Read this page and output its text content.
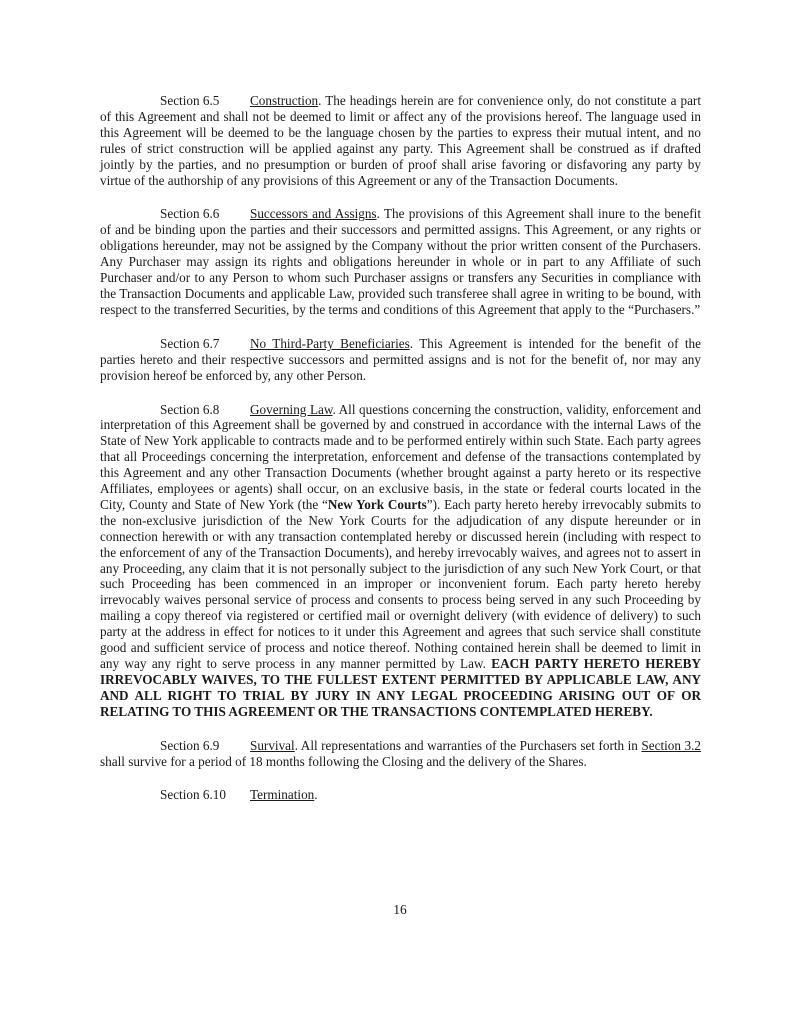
Section 6.5 Construction. The headings herein are for convenience only, do not constitute a part of this Agreement and shall not be deemed to limit or affect any of the provisions hereof. The language used in this Agreement will be deemed to be the language chosen by the parties to express their mutual intent, and no rules of strict construction will be applied against any party. This Agreement shall be construed as if drafted jointly by the parties, and no presumption or burden of proof shall arise favoring or disfavoring any party by virtue of the authorship of any provisions of this Agreement or any of the Transaction Documents.

Section 6.6 Successors and Assigns. The provisions of this Agreement shall inure to the benefit of and be binding upon the parties and their successors and permitted assigns. This Agreement, or any rights or obligations hereunder, may not be assigned by the Company without the prior written consent of the Purchasers. Any Purchaser may assign its rights and obligations hereunder in whole or in part to any Affiliate of such Purchaser and/or to any Person to whom such Purchaser assigns or transfers any Securities in compliance with the Transaction Documents and applicable Law, provided such transferee shall agree in writing to be bound, with respect to the transferred Securities, by the terms and conditions of this Agreement that apply to the “Purchasers.”

Section 6.7 No Third-Party Beneficiaries. This Agreement is intended for the benefit of the parties hereto and their respective successors and permitted assigns and is not for the benefit of, nor may any provision hereof be enforced by, any other Person.

Section 6.8 Governing Law. All questions concerning the construction, validity, enforcement and interpretation of this Agreement shall be governed by and construed in accordance with the internal Laws of the State of New York applicable to contracts made and to be performed entirely within such State. Each party agrees that all Proceedings concerning the interpretation, enforcement and defense of the transactions contemplated by this Agreement and any other Transaction Documents (whether brought against a party hereto or its respective Affiliates, employees or agents) shall occur, on an exclusive basis, in the state or federal courts located in the City, County and State of New York (the “New York Courts”). Each party hereto hereby irrevocably submits to the non-exclusive jurisdiction of the New York Courts for the adjudication of any dispute hereunder or in connection herewith or with any transaction contemplated hereby or discussed herein (including with respect to the enforcement of any of the Transaction Documents), and hereby irrevocably waives, and agrees not to assert in any Proceeding, any claim that it is not personally subject to the jurisdiction of any such New York Court, or that such Proceeding has been commenced in an improper or inconvenient forum. Each party hereto hereby irrevocably waives personal service of process and consents to process being served in any such Proceeding by mailing a copy thereof via registered or certified mail or overnight delivery (with evidence of delivery) to such party at the address in effect for notices to it under this Agreement and agrees that such service shall constitute good and sufficient service of process and notice thereof. Nothing contained herein shall be deemed to limit in any way any right to serve process in any manner permitted by Law. EACH PARTY HERETO HEREBY IRREVOCABLY WAIVES, TO THE FULLEST EXTENT PERMITTED BY APPLICABLE LAW, ANY AND ALL RIGHT TO TRIAL BY JURY IN ANY LEGAL PROCEEDING ARISING OUT OF OR RELATING TO THIS AGREEMENT OR THE TRANSACTIONS CONTEMPLATED HEREBY.

Section 6.9 Survival. All representations and warranties of the Purchasers set forth in Section 3.2 shall survive for a period of 18 months following the Closing and the delivery of the Shares.

Section 6.10 Termination.

16
